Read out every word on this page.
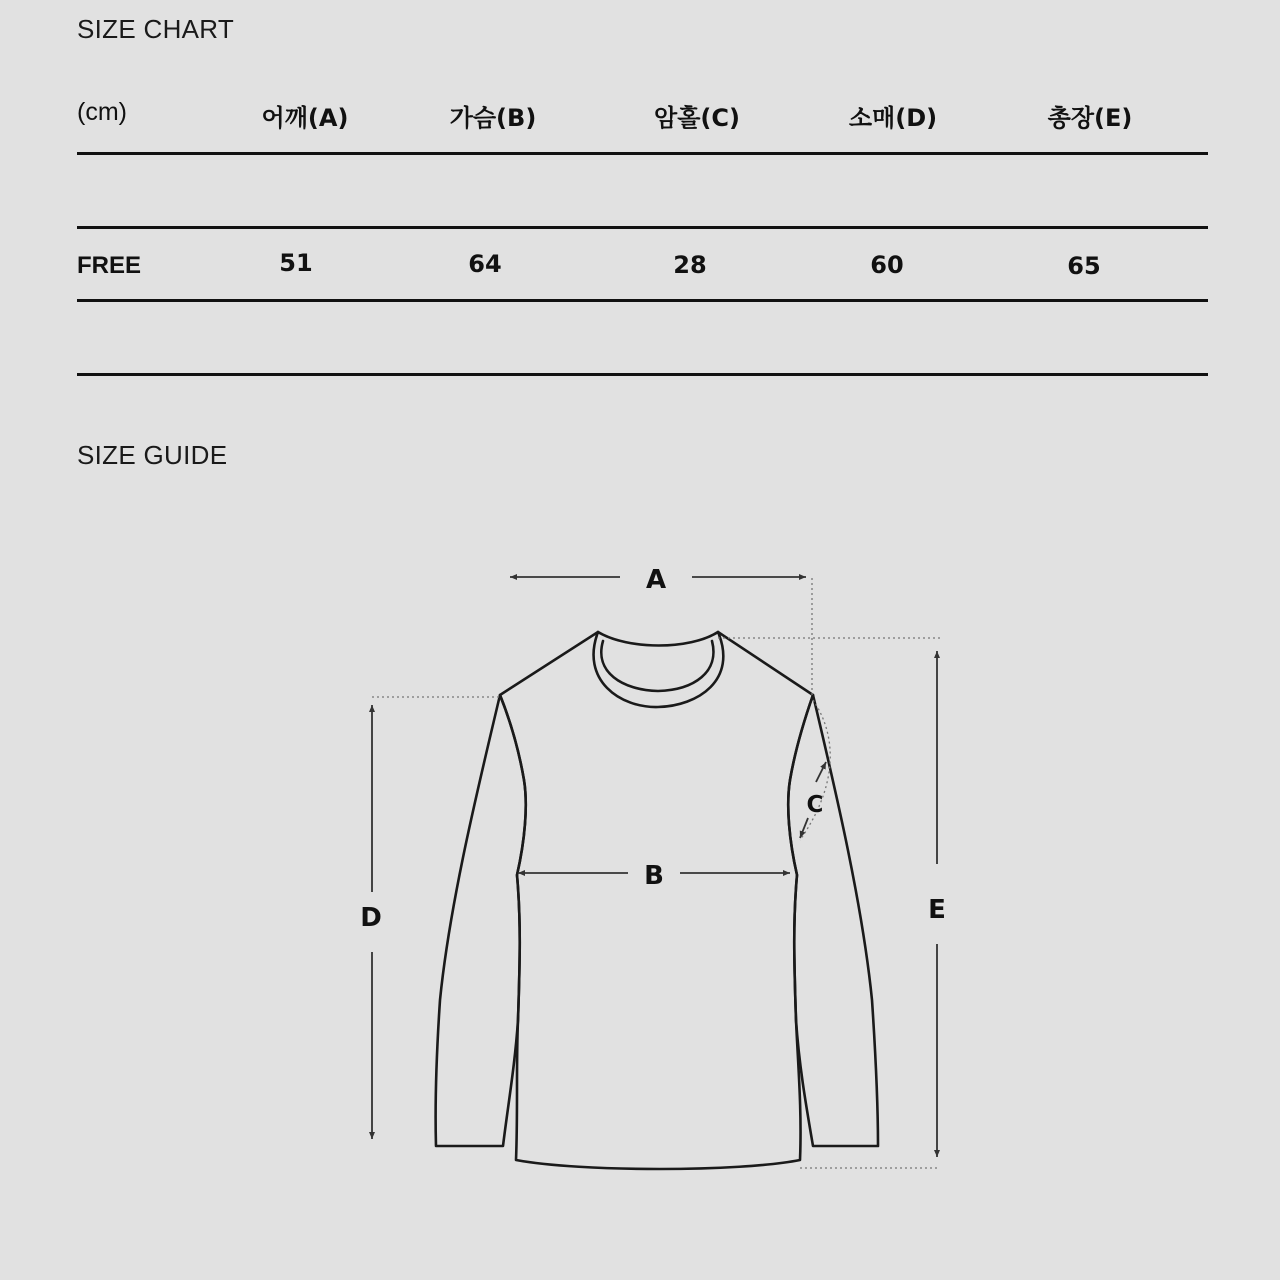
SIZE CHART
(cm)	어깨(A)	가슴(B)	암홀(C)	소매(D)	총장(E)
FREE	51	64	28	60	65
SIZE GUIDE
A
B
C
D	E
